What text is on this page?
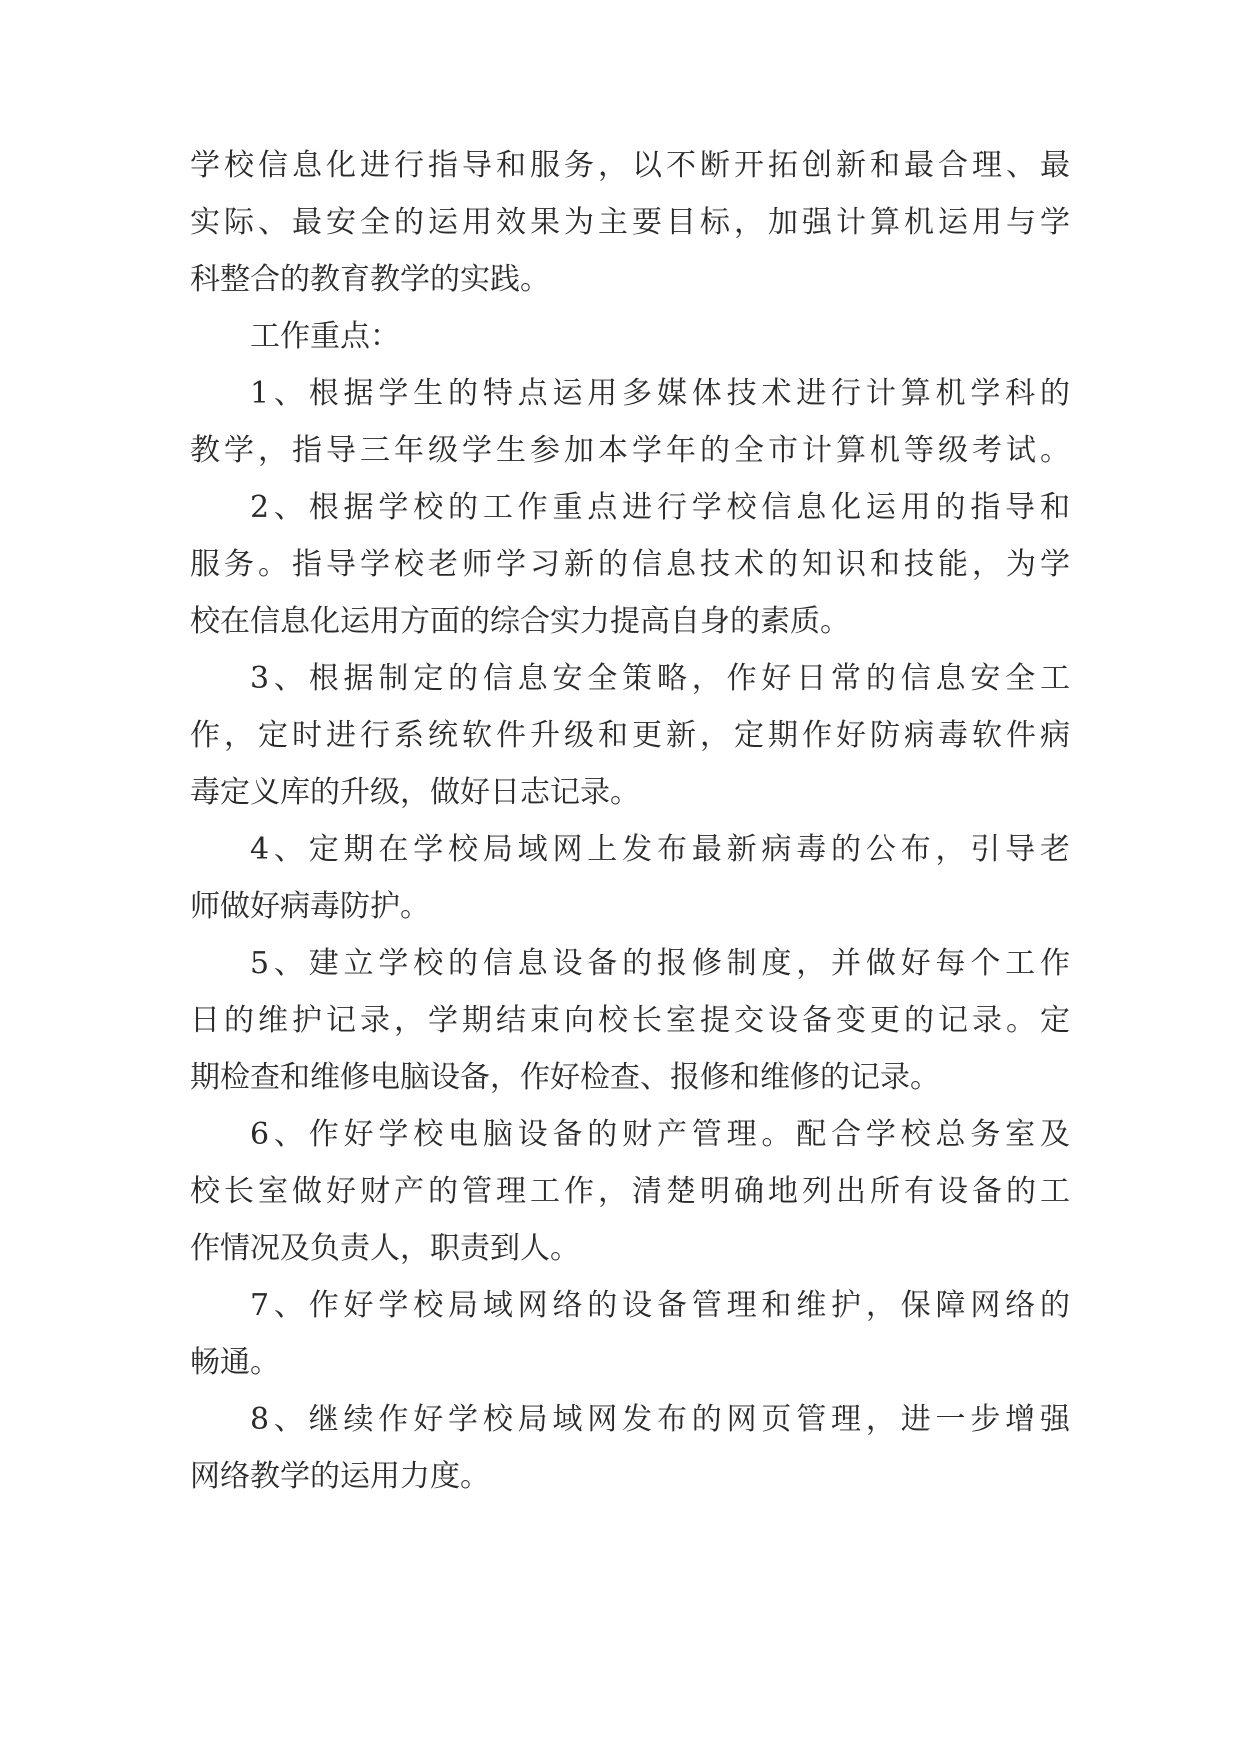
学校信息化进行指导和服务，以不断开拓创新和最合理、最
实际、最安全的运用效果为主要目标，加强计算机运用与学
科整合的教育教学的实践。
工作重点：
1、根据学生的特点运用多媒体技术进行计算机学科的
教学，指导三年级学生参加本学年的全市计算机等级考试。
2、根据学校的工作重点进行学校信息化运用的指导和
服务。指导学校老师学习新的信息技术的知识和技能，为学
校在信息化运用方面的综合实力提高自身的素质。
3、根据制定的信息安全策略，作好日常的信息安全工
作，定时进行系统软件升级和更新，定期作好防病毒软件病
毒定义库的升级，做好日志记录。
4、定期在学校局域网上发布最新病毒的公布，引导老
师做好病毒防护。
5、建立学校的信息设备的报修制度，并做好每个工作
日的维护记录，学期结束向校长室提交设备变更的记录。定
期检查和维修电脑设备，作好检查、报修和维修的记录。
6、作好学校电脑设备的财产管理。配合学校总务室及
校长室做好财产的管理工作，清楚明确地列出所有设备的工
作情况及负责人，职责到人。
7、作好学校局域网络的设备管理和维护，保障网络的
畅通。
8、继续作好学校局域网发布的网页管理，进一步增强
网络教学的运用力度。
